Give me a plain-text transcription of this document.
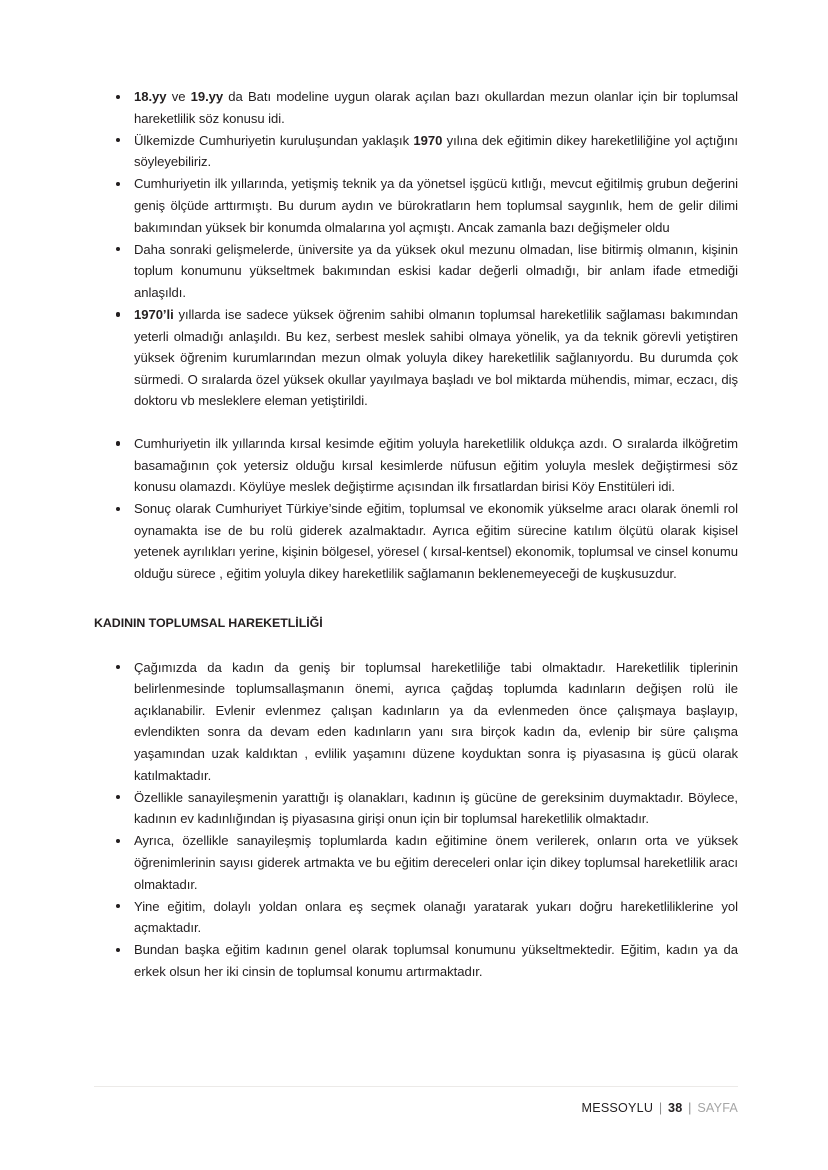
18.yy ve 19.yy da Batı modeline uygun olarak açılan bazı okullardan mezun olanlar için bir toplumsal hareketlilik söz konusu idi.
Ülkemizde Cumhuriyetin kuruluşundan yaklaşık 1970 yılına dek eğitimin dikey hareketliliğine yol açtığını söyleyebiliriz.
Cumhuriyetin ilk yıllarında, yetişmiş teknik ya da yönetsel işgücü kıtlığı, mevcut eğitilmiş grubun değerini geniş ölçüde arttırmıştı. Bu durum aydın ve bürokratların hem toplumsal saygınlık, hem de gelir dilimi bakımından yüksek bir konumda olmalarına yol açmıştı. Ancak zamanla bazı değişmeler oldu
Daha sonraki gelişmelerde, üniversite ya da yüksek okul mezunu olmadan, lise bitirmiş olmanın, kişinin toplum konumunu yükseltmek bakımından eskisi kadar değerli olmadığı, bir anlam ifade etmediği anlaşıldı.
1970’li yıllarda ise sadece yüksek öğrenim sahibi olmanın toplumsal hareketlilik sağlaması bakımından yeterli olmadığı anlaşıldı. Bu kez, serbest meslek sahibi olmaya yönelik, ya da teknik görevli yetiştiren yüksek öğrenim kurumlarından mezun olmak yoluyla dikey hareketlilik sağlanıyordu. Bu durumda çok sürmedi. O sıralarda özel yüksek okullar yayılmaya başladı ve bol miktarda mühendis, mimar, eczacı, diş doktoru vb mesleklere eleman yetiştirildi.
Cumhuriyetin ilk yıllarında kırsal kesimde eğitim yoluyla hareketlilik oldukça azdı. O sıralarda ilköğretim basamağının çok yetersiz olduğu kırsal kesimlerde nüfusun eğitim yoluyla meslek değiştirmesi söz konusu olamazdı. Köylüye meslek değiştirme açısından ilk fırsatlardan birisi Köy Enstitüleri idi.
Sonuç olarak Cumhuriyet Türkiye’sinde eğitim, toplumsal ve ekonomik yükselme aracı olarak önemli rol oynamakta ise de bu rolü giderek azalmaktadır. Ayrıca eğitim sürecine katılım ölçütü olarak kişisel yetenek ayrılıkları yerine, kişinin bölgesel, yöresel ( kırsal-kentsel) ekonomik, toplumsal ve cinsel konumu olduğu sürece , eğitim yoluyla dikey hareketlilik sağlamanın beklenemeyeceği de kuşkusuzdur.
KADININ TOPLUMSAL HAREKETLİLİĞİ
Çağımızda da kadın da geniş bir toplumsal hareketliliğe tabi olmaktadır. Hareketlilik tiplerinin belirlenmesinde toplumsallaşmanın önemi, ayrıca çağdaş toplumda kadınların değişen rolü ile açıklanabilir. Evlenir evlenmez çalışan kadınların ya da evlenmeden önce çalışmaya başlayıp, evlendikten sonra da devam eden kadınların yanı sıra birçok kadın da, evlenip bir süre çalışma yaşamından uzak kaldıktan , evlilik yaşamını düzene koyduktan sonra iş piyasasına iş gücü olarak katılmaktadır.
Özellikle sanayileşmenin yarattığı iş olanakları, kadının iş gücüne de gereksinim duymaktadır. Böylece, kadının ev kadınlığından iş piyasasına girişi onun için bir toplumsal hareketlilik olmaktadır.
Ayrıca, özellikle sanayileşmiş toplumlarda kadın eğitimine önem verilerek, onların orta ve yüksek öğrenimlerinin sayısı giderek artmakta ve bu eğitim dereceleri onlar için dikey toplumsal hareketlilik aracı olmaktadır.
Yine eğitim, dolaylı yoldan onlara eş seçmek olanağı yaratarak yukarı doğru hareketliliklerine yol açmaktadır.
Bundan başka eğitim kadının genel olarak toplumsal konumunu yükseltmektedir. Eğitim, kadın ya da erkek olsun her iki cinsin de toplumsal konumu artırmaktadır.
MESSOYLU | 38 | SAYFA
